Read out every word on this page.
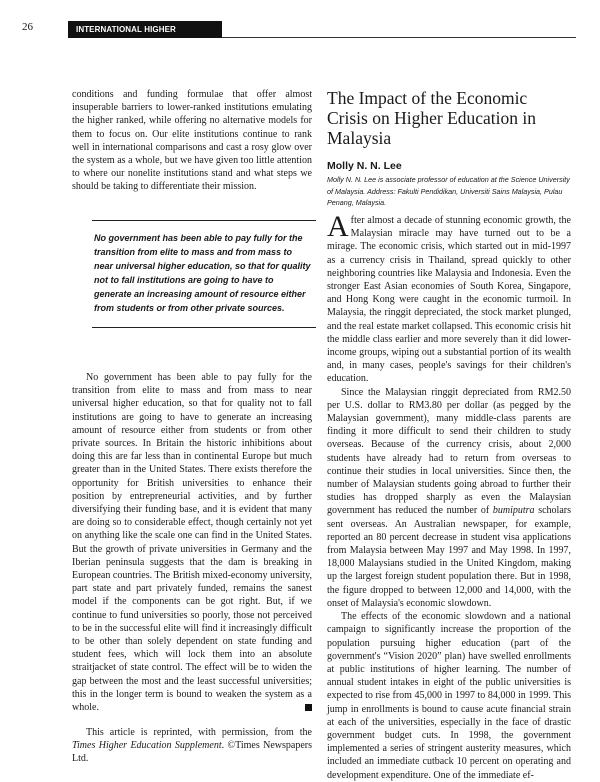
26	INTERNATIONAL HIGHER EDUCATION

conditions and funding formulae that offer almost insuperable barriers to lower-ranked institutions emulating the higher ranked, while offering no alternative models for them to focus on. Our elite institutions continue to rank well in international comparisons and cast a rosy glow over the system as a whole, but we have given too little attention to where our nonelite institutions stand and what steps we should be taking to differentiate their mission.

No government has been able to pay fully for the transition from elite to mass and from mass to near universal higher education, so that for quality not to fall institutions are going to have to generate an increasing amount of resource either from students or from other private sources.

No government has been able to pay fully for the transition from elite to mass and from mass to near universal higher education, so that for quality not to fall institutions are going to have to generate an increasing amount of resource either from students or from other private sources. In Britain the historic inhibitions about doing this are far less than in continental Europe but much greater than in the United States. There exists therefore the opportunity for British universities to enhance their position by entrepreneurial activities, and by further diversifying their funding base, and it is evident that many are doing so to considerable effect, though certainly not yet on anything like the scale one can find in the United States. But the growth of private universities in Germany and the Iberian peninsula suggests that the dam is breaking in European countries. The British mixed-economy university, part state and part privately funded, remains the sanest model if the components can be got right. But, if we continue to fund universities so poorly, those not perceived to be in the successful elite will find it increasingly difficult to be other than solely dependent on state funding and student fees, which will lock them into an absolute straitjacket of state control. The effect will be to widen the gap between the most and the least successful universities; this in the longer term is bound to weaken the system as a whole.

This article is reprinted, with permission, from the Times Higher Education Supplement. ©Times Newspapers Ltd.

The Impact of the Economic Crisis on Higher Education in Malaysia

Molly N. N. Lee

Molly N. N. Lee is associate professor of education at the Science University of Malaysia. Address: Fakulti Pendidikan, Universiti Sains Malaysia, Pulau Penang, Malaysia.

After almost a decade of stunning economic growth, the Malaysian miracle may have turned out to be a mirage. The economic crisis, which started out in mid-1997 as a currency crisis in Thailand, spread quickly to other neighboring countries like Malaysia and Indonesia. Even the stronger East Asian economies of South Korea, Singapore, and Hong Kong were caught in the economic turmoil. In Malaysia, the ringgit depreciated, the stock market plunged, and the real estate market collapsed. This economic crisis hit the middle class earlier and more severely than it did lower-income groups, wiping out a substantial portion of its wealth and, in many cases, people's savings for their children's education.

Since the Malaysian ringgit depreciated from RM2.50 per U.S. dollar to RM3.80 per dollar (as pegged by the Malaysian government), many middle-class parents are finding it more difficult to send their children to study overseas. Because of the currency crisis, about 2,000 students have already had to return from overseas to continue their studies in local universities. Since then, the number of Malaysian students going abroad to further their studies has dropped sharply as even the Malaysian government has reduced the number of bumiputra scholars sent overseas. An Australian newspaper, for example, reported an 80 percent decrease in student visa applications from Malaysia between May 1997 and May 1998. In 1997, 18,000 Malaysians studied in the United Kingdom, making up the largest foreign student population there. But in 1998, the figure dropped to between 12,000 and 14,000, with the onset of Malaysia's economic slowdown.

The effects of the economic slowdown and a national campaign to significantly increase the proportion of the population pursuing higher education (part of the government's “Vision 2020” plan) have swelled enrollments at public institutions of higher learning. The number of annual student intakes in eight of the public universities is expected to rise from 45,000 in 1997 to 84,000 in 1999. This jump in enrollments is bound to cause acute financial strain at each of the universities, especially in the face of drastic government budget cuts. In 1998, the government implemented a series of stringent austerity measures, which included an immediate cutback 10 percent on operating and development expenditure. One of the immediate ef-
